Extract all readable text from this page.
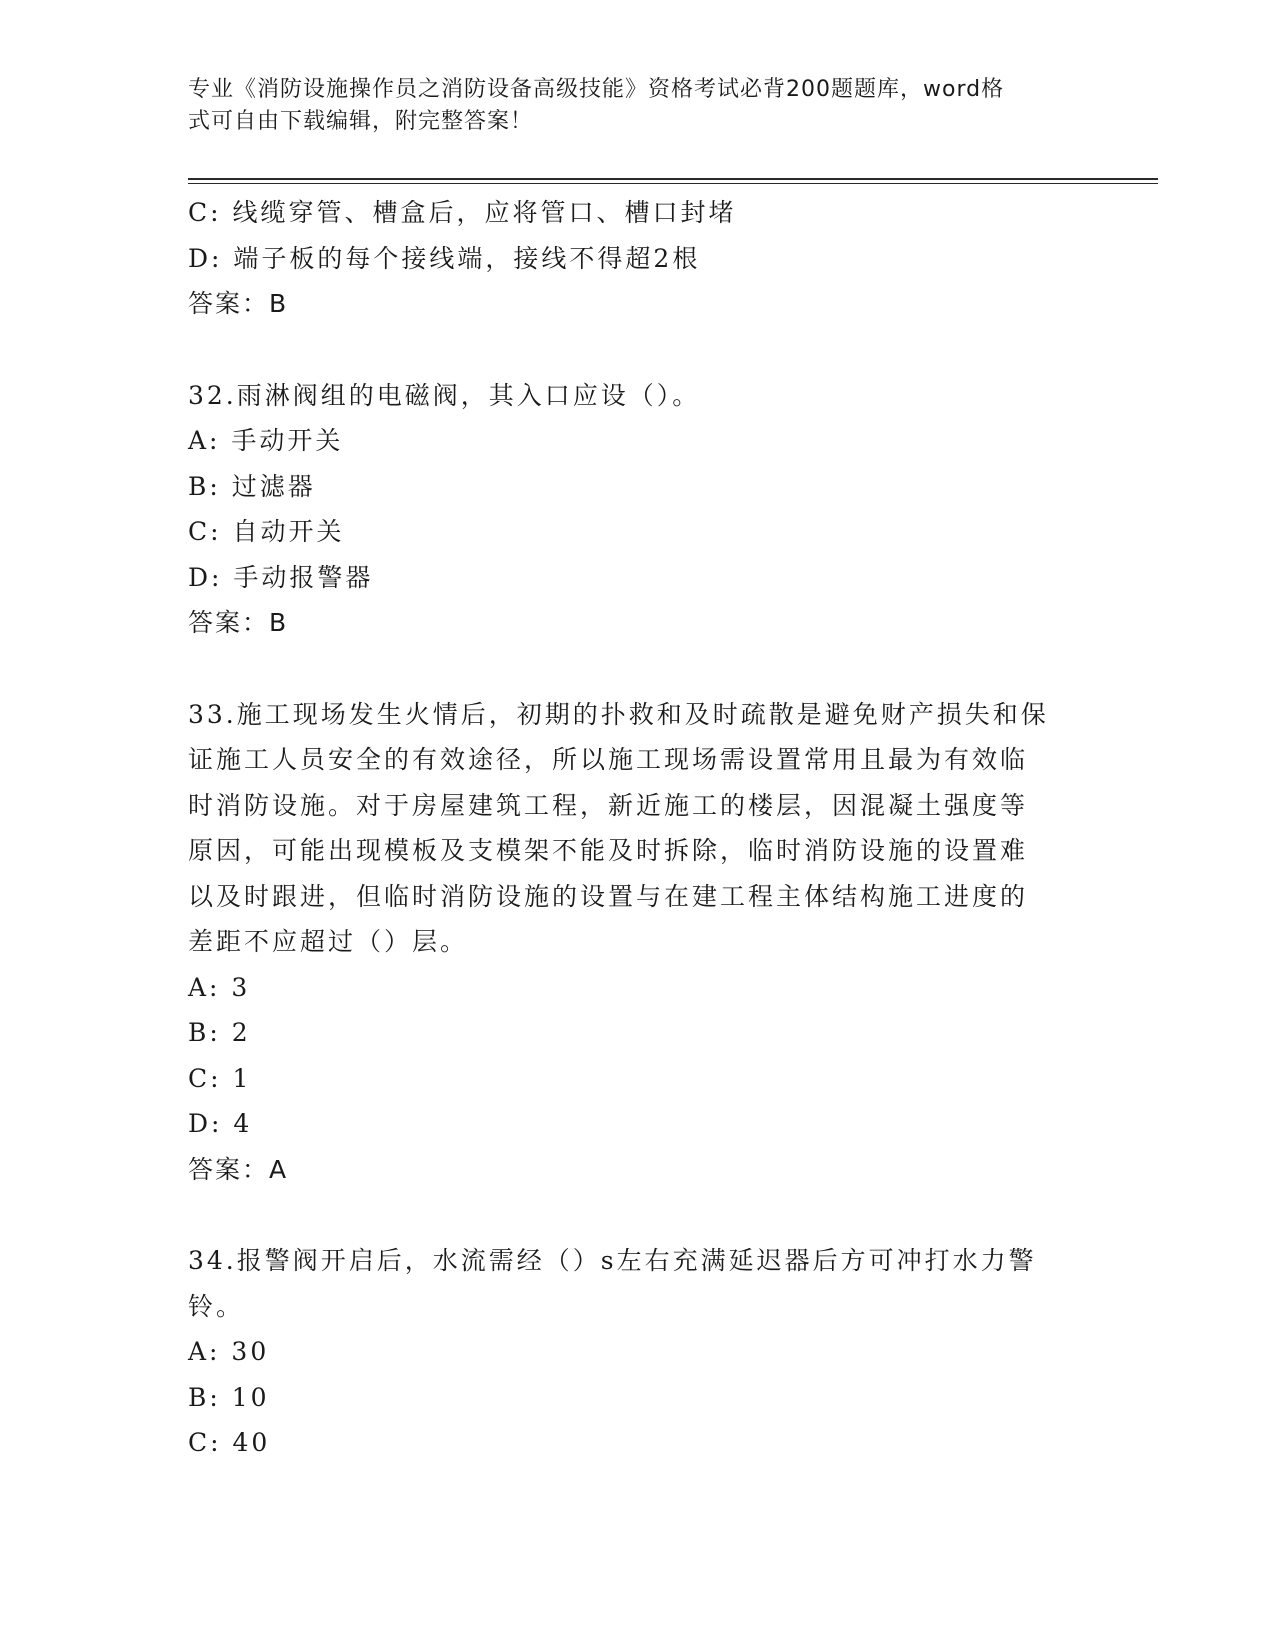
专业《消防设施操作员之消防设备高级技能》资格考试必背200题题库，word格
式可自由下载编辑，附完整答案！

C: 线缆穿管、槽盒后，应将管口、槽口封堵

D: 端子板的每个接线端，接线不得超2根

答案：B

32.雨淋阀组的电磁阀，其入口应设（）。

A: 手动开关

B: 过滤器

C: 自动开关

D: 手动报警器

答案：B

33.施工现场发生火情后，初期的扑救和及时疏散是避免财产损失和保

证施工人员安全的有效途径，所以施工现场需设置常用且最为有效临

时消防设施。对于房屋建筑工程，新近施工的楼层，因混凝土强度等

原因，可能出现模板及支模架不能及时拆除，临时消防设施的设置难

以及时跟进，但临时消防设施的设置与在建工程主体结构施工进度的

差距不应超过（）层。

A: 3

B: 2

C: 1

D: 4

答案：A

34.报警阀开启后，水流需经（）s左右充满延迟器后方可冲打水力警

铃。

A: 30

B: 10

C: 40
